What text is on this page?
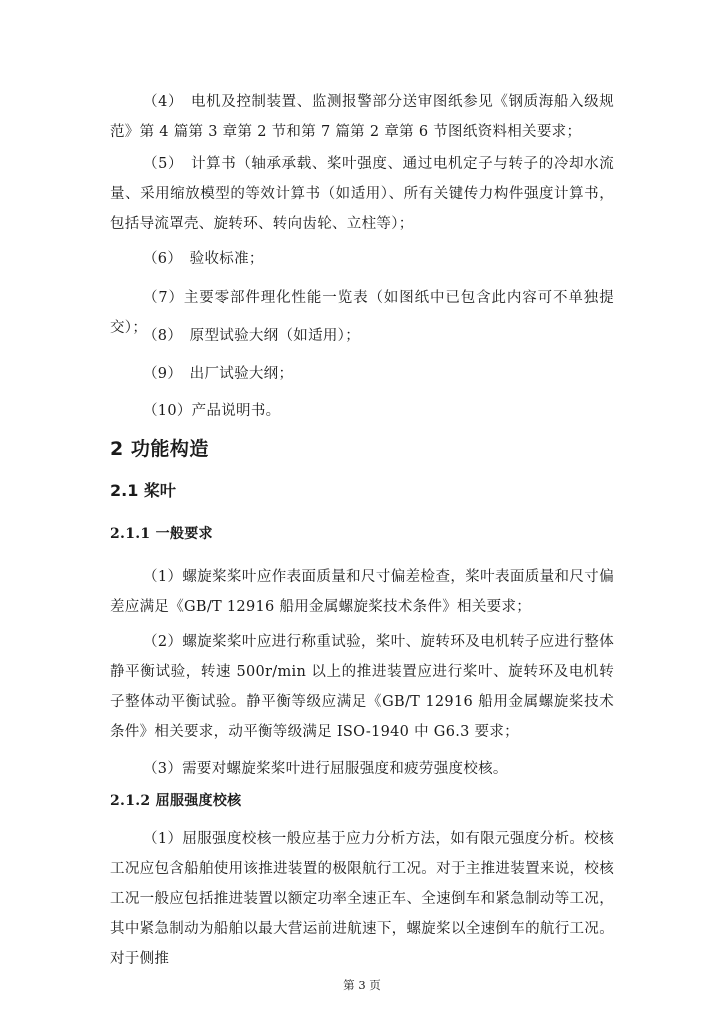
（4）　电机及控制装置、监测报警部分送审图纸参见《钢质海船入级规范》第 4 篇第 3 章第 2 节和第 7 篇第 2 章第 6 节图纸资料相关要求；

（5）　计算书（轴承承载、桨叶强度、通过电机定子与转子的冷却水流量、采用缩放模型的等效计算书（如适用）、所有关键传力构件强度计算书，包括导流罩壳、旋转环、转向齿轮、立柱等）；

（6）　验收标准；

（7）主要零部件理化性能一览表（如图纸中已包含此内容可不单独提交）；

（8）　原型试验大纲（如适用）；

（9）　出厂试验大纲；

（10）产品说明书。

2 功能构造
2.1 桨叶
2.1.1 一般要求

（1）螺旋桨桨叶应作表面质量和尺寸偏差检查，桨叶表面质量和尺寸偏差应满足《GB/T 12916 船用金属螺旋桨技术条件》相关要求；

（2）螺旋桨桨叶应进行称重试验，桨叶、旋转环及电机转子应进行整体静平衡试验，转速 500r/min 以上的推进装置应进行桨叶、旋转环及电机转子整体动平衡试验。静平衡等级应满足《GB/T 12916 船用金属螺旋桨技术条件》相关要求，动平衡等级满足 ISO-1940 中 G6.3 要求；

（3）需要对螺旋桨桨叶进行屈服强度和疲劳强度校核。

2.1.2 屈服强度校核

（1）屈服强度校核一般应基于应力分析方法，如有限元强度分析。校核工况应包含船舶使用该推进装置的极限航行工况。对于主推进装置来说，校核工况一般应包括推进装置以额定功率全速正车、全速倒车和紧急制动等工况，其中紧急制动为船舶以最大营运前进航速下，螺旋桨以全速倒车的航行工况。对于侧推

第 3 页
